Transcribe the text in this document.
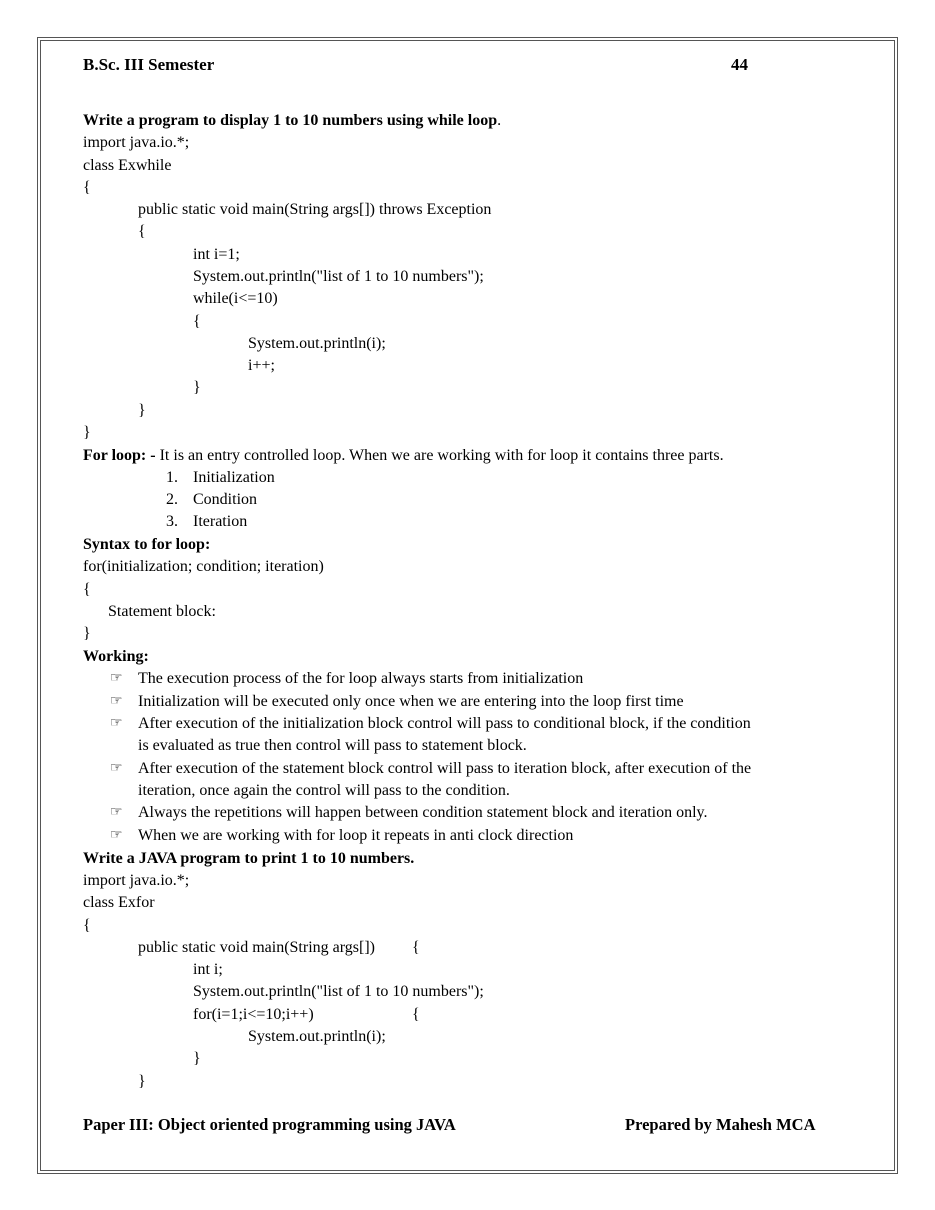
B.Sc. III Semester	44
Write a program to display 1 to 10 numbers using while loop.
import java.io.*;
class Exwhile
{
public static void main(String args[]) throws Exception
{
int i=1;
System.out.println("list of 1 to 10 numbers");
while(i<=10)
{
System.out.println(i);
i++;
}
}
}
For loop: - It is an entry controlled loop. When we are working with for loop it contains three parts.
1. Initialization
2. Condition
3. Iteration
Syntax to for loop:
for(initialization; condition; iteration)
{
Statement block:
}
Working:
☞ The execution process of the for loop always starts from initialization
☞ Initialization will be executed only once when we are entering into the loop first time
☞ After execution of the initialization block control will pass to conditional block, if the condition
is evaluated as true then control will pass to statement block.
☞ After execution of the statement block control will pass to iteration block, after execution of the
iteration, once again the control will pass to the condition.
☞ Always the repetitions will happen between condition statement block and iteration only.
☞ When we are working with for loop it repeats in anti clock direction
Write a JAVA program to print 1 to 10 numbers.
import java.io.*;
class Exfor
{
public static void main(String args[]) {
int i;
System.out.println("list of 1 to 10 numbers");
for(i=1;i<=10;i++)	{
System.out.println(i);
}
}
Paper III: Object oriented programming using JAVA	Prepared by Mahesh MCA
